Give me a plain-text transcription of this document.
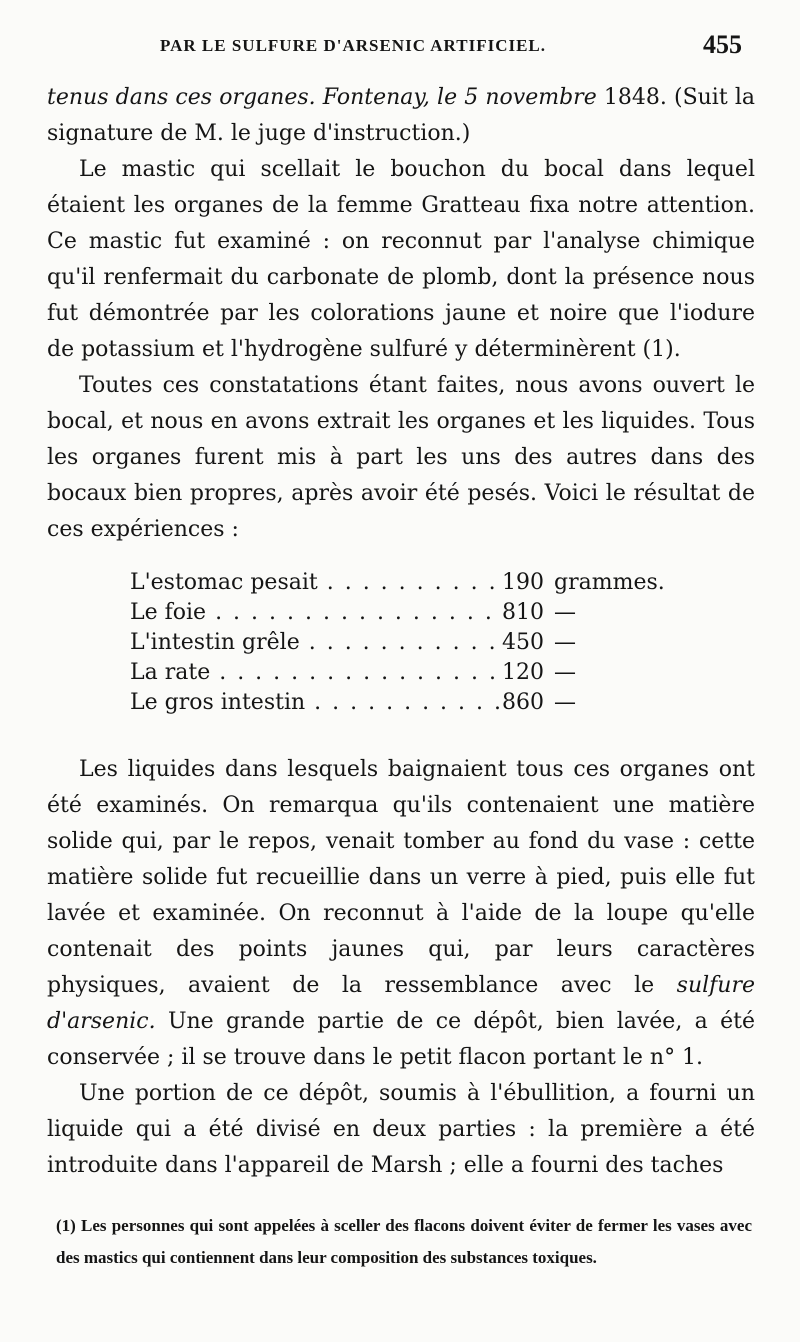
PAR LE SULFURE D'ARSENIC ARTIFICIEL.	455

tenus dans ces organes. Fontenay, le 5 novembre 1848. (Suit la signature de M. le juge d'instruction.)

Le mastic qui scellait le bouchon du bocal dans lequel étaient les organes de la femme Gratteau fixa notre attention. Ce mastic fut examiné : on reconnut par l'analyse chimique qu'il renfermait du carbonate de plomb, dont la présence nous fut démontrée par les colorations jaune et noire que l'iodure de potassium et l'hydrogène sulfuré y déterminèrent (1).

Toutes ces constatations étant faites, nous avons ouvert le bocal, et nous en avons extrait les organes et les liquides. Tous les organes furent mis à part les uns des autres dans des bocaux bien propres, après avoir été pesés. Voici le résultat de ces expériences :

L'estomac pesait . . .	190 grammes.
Le foie . . .	810 —
L'intestin grêle . . .	450 —
La rate . . .	120 —
Le gros intestin . . .	860 —

Les liquides dans lesquels baignaient tous ces organes ont été examinés. On remarqua qu'ils contenaient une matière solide qui, par le repos, venait tomber au fond du vase : cette matière solide fut recueillie dans un verre à pied, puis elle fut lavée et examinée. On reconnut à l'aide de la loupe qu'elle contenait des points jaunes qui, par leurs caractères physiques, avaient de la ressemblance avec le sulfure d'arsenic. Une grande partie de ce dépôt, bien lavée, a été conservée ; il se trouve dans le petit flacon portant le n° 1.

Une portion de ce dépôt, soumis à l'ébullition, a fourni un liquide qui a été divisé en deux parties : la première a été introduite dans l'appareil de Marsh ; elle a fourni des taches

(1) Les personnes qui sont appelées à sceller des flacons doivent éviter de fermer les vases avec des mastics qui contiennent dans leur composition des substances toxiques.
